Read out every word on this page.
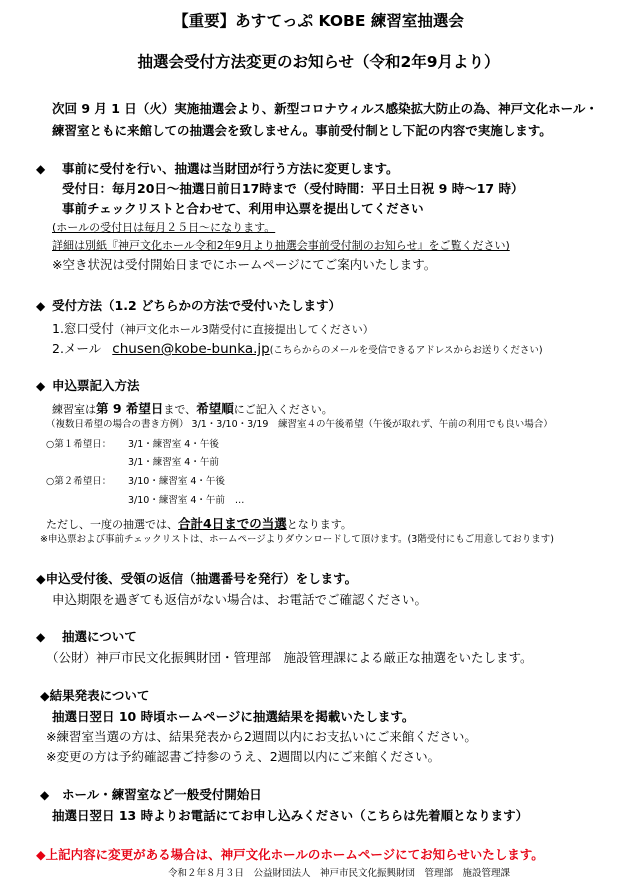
【重要】あすてっぷ KOBE 練習室抽選会
抽選会受付方法変更のお知らせ（令和2年9月より）
次回 9 月 1 日（火）実施抽選会より、新型コロナウィルス感染拡大防止の為、神戸文化ホール・
練習室ともに来館しての抽選会を致しません。事前受付制とし下記の内容で実施します。
◆ 事前に受付を行い、抽選は当財団が行う方法に変更します。
受付日：毎月20日～抽選日前日17時まで（受付時間：平日土日祝 9 時～17 時）
事前チェックリストと合わせて、利用申込票を提出してください
(ホールの受付日は毎月２５日～になります。
詳細は別紙『神戸文化ホール令和2年9月より抽選会事前受付制のお知らせ』をご覧ください)
※空き状況は受付開始日までにホームページにてご案内いたします。
◆ 受付方法（1.2 どちらかの方法で受付いたします）
1.窓口受付（神戸文化ホール3階受付に直接提出してください）
2.メール chusen@kobe-bunka.jp(こちらからのメールを受信できるアドレスからお送りください)
◆ 申込票記入方法
練習室は第 9 希望日まで、希望順にご記入ください。
（複数日希望の場合の書き方例） 3/1・3/10・3/19　練習室４の午後希望（午後が取れず、午前の利用でも良い場合）
○第１希望日： 3/1・練習室 4・午後
3/1・練習室 4・午前
○第２希望日： 3/10・練習室 4・午後
3/10・練習室 4・午前 …
ただし、一度の抽選では、合計4日までの当選となります。
※申込票および事前チェックリストは、ホームページよりダウンロードして頂けます。(3階受付にもご用意しております)
◆申込受付後、受領の返信（抽選番号を発行）をします。
申込期限を過ぎても返信がない場合は、お電話でご確認ください。
◆ 抽選について
（公財）神戸市民文化振興財団・管理部　施設管理課による厳正な抽選をいたします。
◆結果発表について
抽選日翌日 10 時頃ホームページに抽選結果を掲載いたします。
※練習室当選の方は、結果発表から2週間以内にお支払いにご来館ください。
※変更の方は予約確認書ご持参のうえ、2週間以内にご来館ください。
◆ ホール・練習室など一般受付開始日
抽選日翌日 13 時よりお電話にてお申し込みください（こちらは先着順となります）
◆上記内容に変更がある場合は、神戸文化ホールのホームページにてお知らせいたします。
令和２年８月３日　公益財団法人　神戸市民文化振興財団　管理部　施設管理課
